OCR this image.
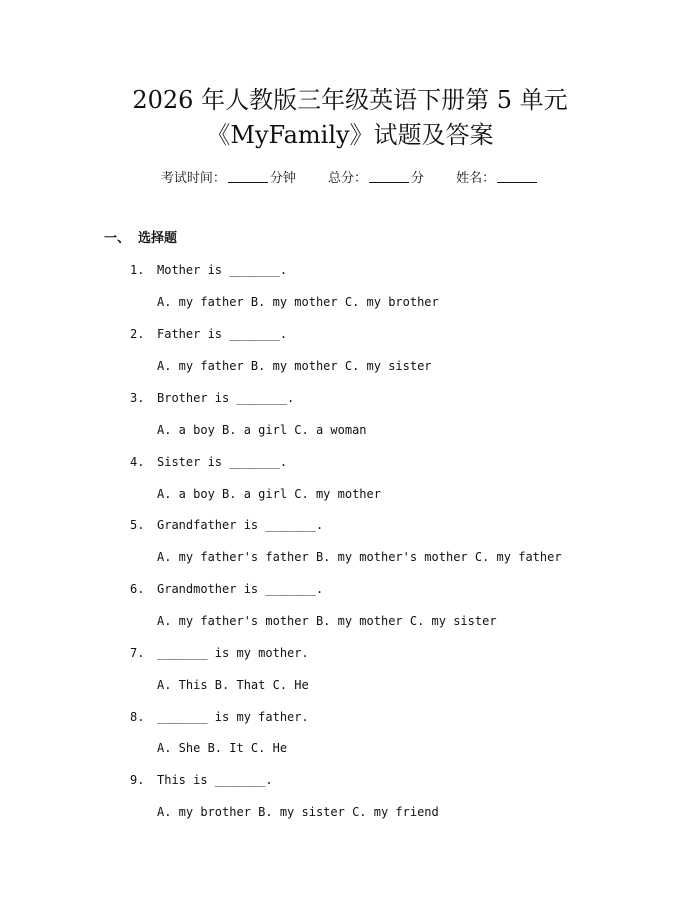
2026 年人教版三年级英语下册第 5 单元
《MyFamily》试题及答案
考试时间：	分钟 总分：	分 姓名：
一、 选择题
1. Mother is _______.
A. my father B. my mother C. my brother
2. Father is _______.
A. my father B. my mother C. my sister
3. Brother is _______.
A. a boy B. a girl C. a woman
4. Sister is _______.
A. a boy B. a girl C. my mother
5. Grandfather is _______.
A. my father's father B. my mother's mother C. my father
6. Grandmother is _______.
A. my father's mother B. my mother C. my sister
7. _______ is my mother.
A. This B. That C. He
8. _______ is my father.
A. She B. It C. He
9. This is _______.
A. my brother B. my sister C. my friend
